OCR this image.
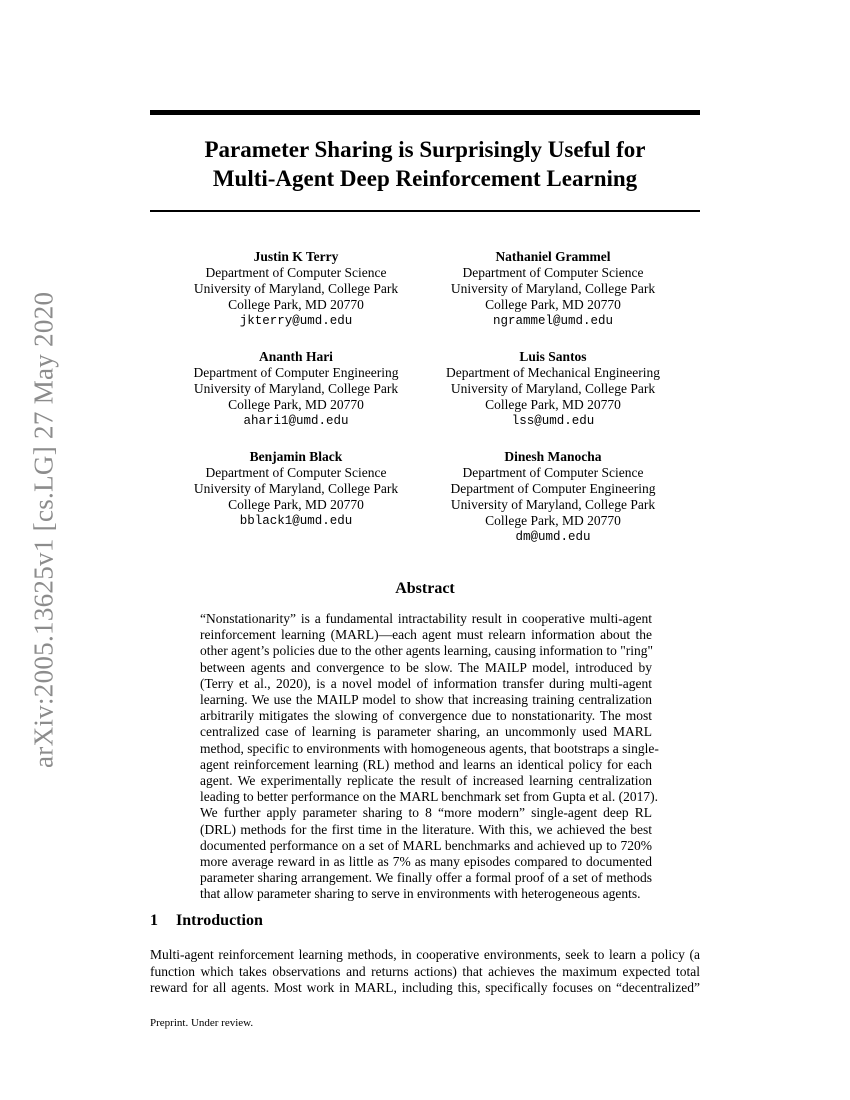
arXiv:2005.13625v1 [cs.LG] 27 May 2020
Parameter Sharing is Surprisingly Useful for
Multi-Agent Deep Reinforcement Learning
Justin K Terry
Department of Computer Science
University of Maryland, College Park
College Park, MD 20770
jkterry@umd.edu
Nathaniel Grammel
Department of Computer Science
University of Maryland, College Park
College Park, MD 20770
ngrammel@umd.edu
Ananth Hari
Department of Computer Engineering
University of Maryland, College Park
College Park, MD 20770
ahari1@umd.edu
Luis Santos
Department of Mechanical Engineering
University of Maryland, College Park
College Park, MD 20770
lss@umd.edu
Benjamin Black
Department of Computer Science
University of Maryland, College Park
College Park, MD 20770
bblack1@umd.edu
Dinesh Manocha
Department of Computer Science
Department of Computer Engineering
University of Maryland, College Park
College Park, MD 20770
dm@umd.edu
Abstract
“Nonstationarity” is a fundamental intractability result in cooperative multi-agent
reinforcement learning (MARL)—each agent must relearn information about the
other agent’s policies due to the other agents learning, causing information to "ring"
between agents and convergence to be slow. The MAILP model, introduced by
(Terry et al., 2020), is a novel model of information transfer during multi-agent
learning. We use the MAILP model to show that increasing training centralization
arbitrarily mitigates the slowing of convergence due to nonstationarity. The most
centralized case of learning is parameter sharing, an uncommonly used MARL
method, specific to environments with homogeneous agents, that bootstraps a single-
agent reinforcement learning (RL) method and learns an identical policy for each
agent. We experimentally replicate the result of increased learning centralization
leading to better performance on the MARL benchmark set from Gupta et al. (2017).
We further apply parameter sharing to 8 “more modern” single-agent deep RL
(DRL) methods for the first time in the literature. With this, we achieved the best
documented performance on a set of MARL benchmarks and achieved up to 720%
more average reward in as little as 7% as many episodes compared to documented
parameter sharing arrangement. We finally offer a formal proof of a set of methods
that allow parameter sharing to serve in environments with heterogeneous agents.
1 Introduction
Multi-agent reinforcement learning methods, in cooperative environments, seek to learn a policy (a
function which takes observations and returns actions) that achieves the maximum expected total
reward for all agents. Most work in MARL, including this, specifically focuses on “decentralized”
Preprint. Under review.
